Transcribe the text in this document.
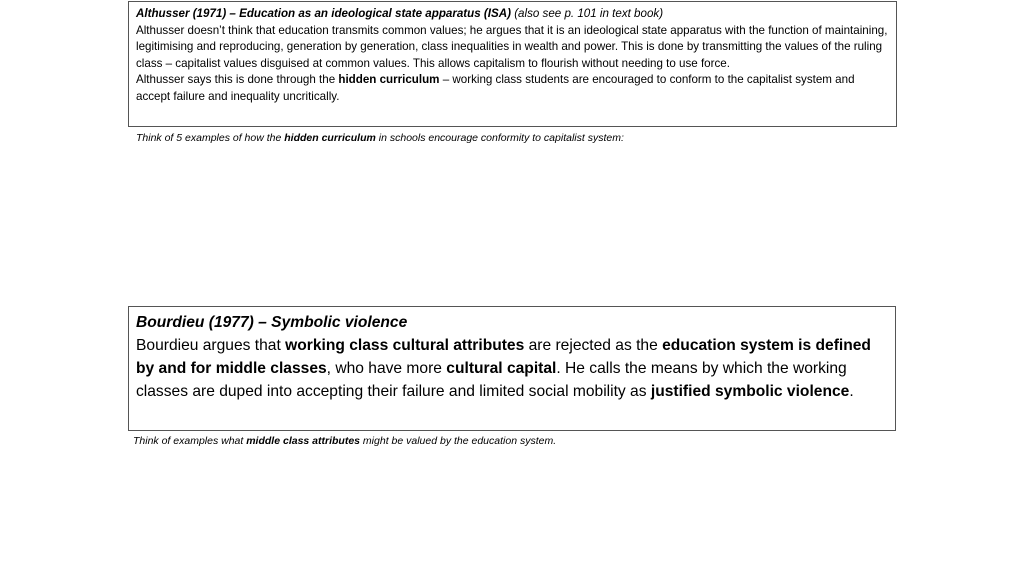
Althusser (1971) – Education as an ideological state apparatus (ISA) (also see p. 101 in text book)

Althusser doesn’t think that education transmits common values; he argues that it is an ideological state apparatus with the function of maintaining, legitimising and reproducing, generation by generation, class inequalities in wealth and power. This is done by transmitting the values of the ruling class – capitalist values disguised at common values. This allows capitalism to flourish without needing to use force.

Althusser says this is done through the hidden curriculum – working class students are encouraged to conform to the capitalist system and accept failure and inequality uncritically.

Think of 5 examples of how the hidden curriculum in schools encourage conformity to capitalist system:

Bourdieu (1977) – Symbolic violence

Bourdieu argues that working class cultural attributes are rejected as the education system is defined by and for middle classes, who have more cultural capital. He calls the means by which the working classes are duped into accepting their failure and limited social mobility as justified symbolic violence.

Think of examples what middle class attributes might be valued by the education system.
